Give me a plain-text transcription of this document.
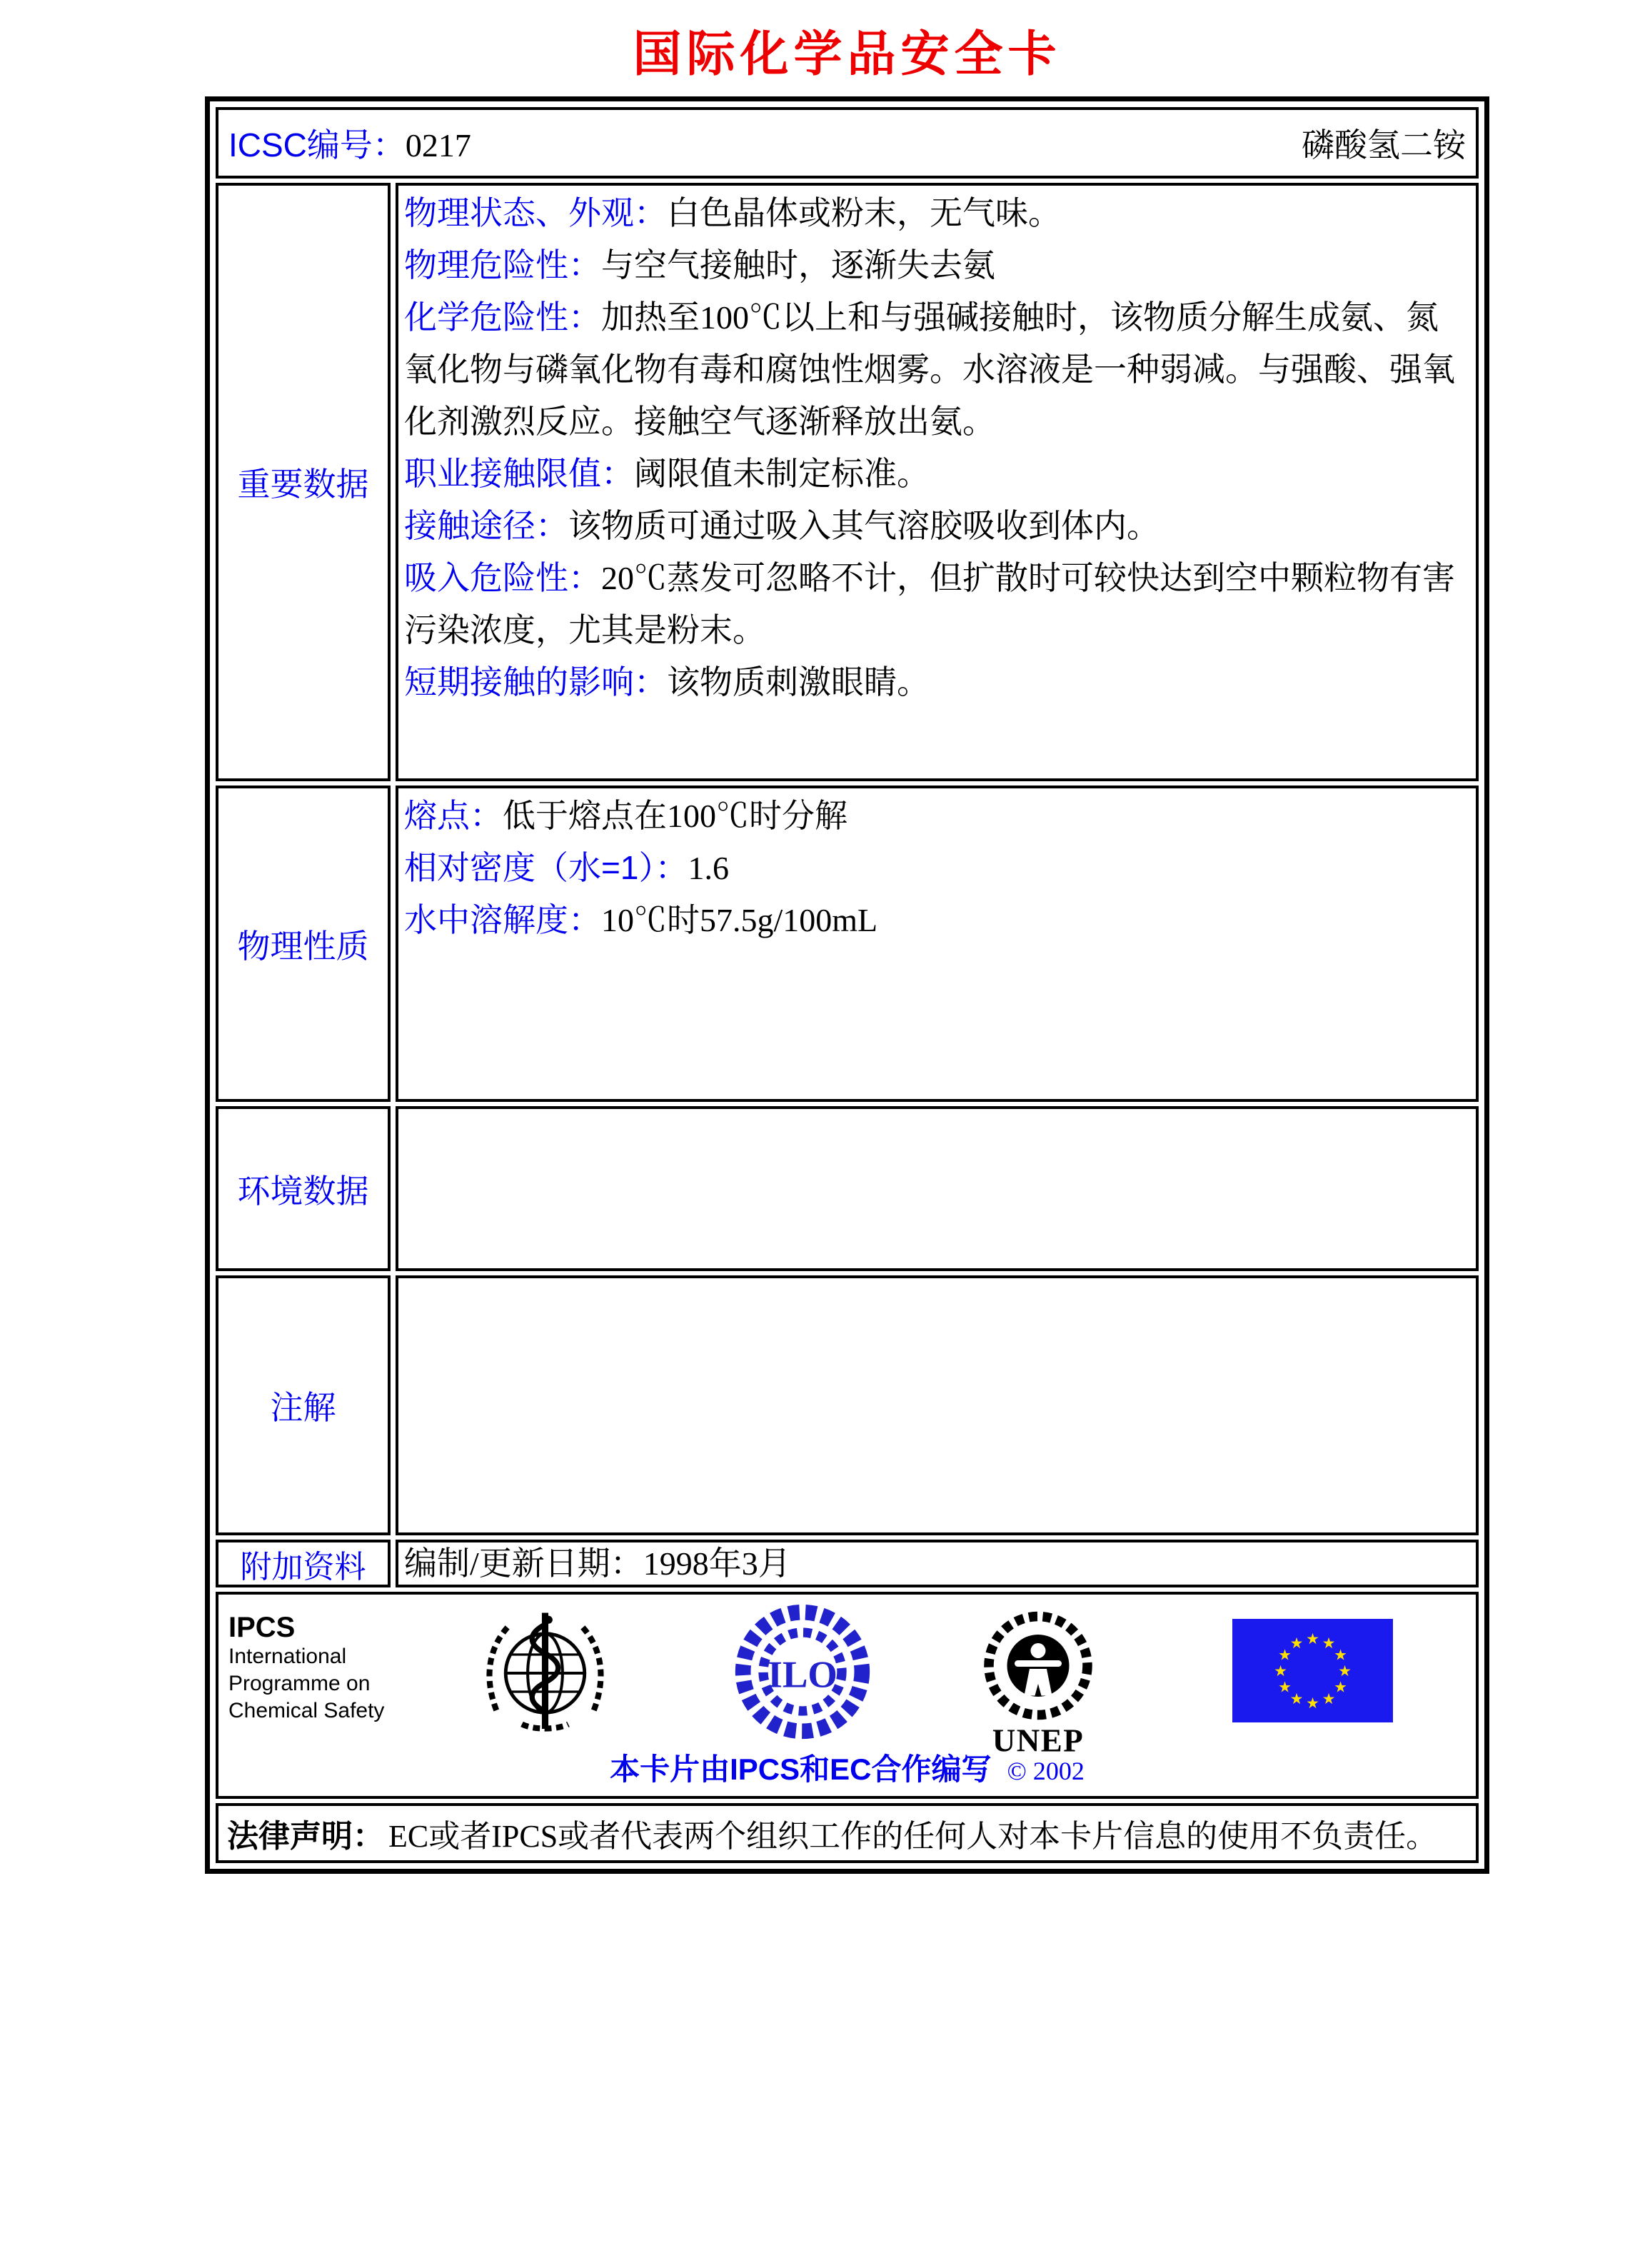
国际化学品安全卡
ICSC编号：0217	磷酸氢二铵
重要数据
物理状态、外观：白色晶体或粉末，无气味。
物理危险性：与空气接触时，逐渐失去氨
化学危险性：加热至100℃以上和与强碱接触时，该物质分解生成氨、氮氧化物与磷氧化物有毒和腐蚀性烟雾。水溶液是一种弱减。与强酸、强氧化剂激烈反应。接触空气逐渐释放出氨。
职业接触限值：阈限值未制定标准。
接触途径：该物质可通过吸入其气溶胶吸收到体内。
吸入危险性：20℃蒸发可忽略不计，但扩散时可较快达到空中颗粒物有害污染浓度，尤其是粉末。
短期接触的影响：该物质刺激眼睛。
物理性质
熔点：低于熔点在100℃时分解
相对密度（水=1）：1.6
水中溶解度：10℃时57.5g/100mL
环境数据
注解
附加资料 编制/更新日期：1998年3月
IPCS
International
Programme on
Chemical Safety
ILO
UNEP
★ ★
★
★
★
★
★
★
★
★
★
★
本卡片由IPCS和EC合作编写 © 2002
法律声明： EC或者IPCS或者代表两个组织工作的任何人对本卡片信息的使用不负责任。
